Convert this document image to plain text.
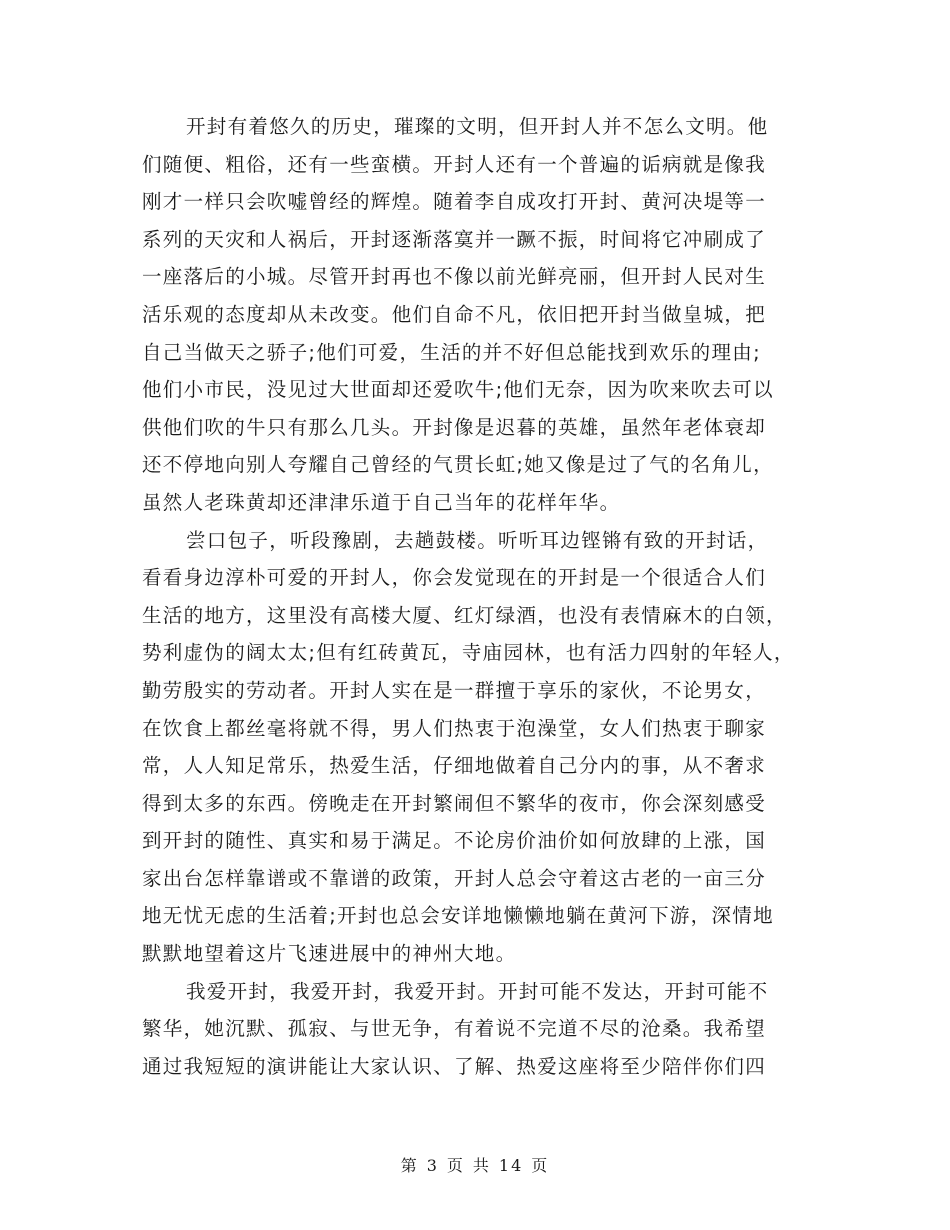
开封有着悠久的历史，璀璨的文明，但开封人并不怎么文明。他
们随便、粗俗，还有一些蛮横。开封人还有一个普遍的诟病就是像我
刚才一样只会吹嘘曾经的辉煌。随着李自成攻打开封、黄河决堤等一
系列的天灾和人祸后，开封逐渐落寞并一蹶不振，时间将它冲刷成了
一座落后的小城。尽管开封再也不像以前光鲜亮丽，但开封人民对生
活乐观的态度却从未改变。他们自命不凡，依旧把开封当做皇城，把
自己当做天之骄子;他们可爱，生活的并不好但总能找到欢乐的理由;
他们小市民，没见过大世面却还爱吹牛;他们无奈，因为吹来吹去可以
供他们吹的牛只有那么几头。开封像是迟暮的英雄，虽然年老体衰却
还不停地向别人夸耀自己曾经的气贯长虹;她又像是过了气的名角儿，
虽然人老珠黄却还津津乐道于自己当年的花样年华。
尝口包子，听段豫剧，去趟鼓楼。听听耳边铿锵有致的开封话，
看看身边淳朴可爱的开封人，你会发觉现在的开封是一个很适合人们
生活的地方，这里没有高楼大厦、红灯绿酒，也没有表情麻木的白领，
势利虚伪的阔太太;但有红砖黄瓦，寺庙园林，也有活力四射的年轻人，
勤劳殷实的劳动者。开封人实在是一群擅于享乐的家伙，不论男女，
在饮食上都丝毫将就不得，男人们热衷于泡澡堂，女人们热衷于聊家
常，人人知足常乐，热爱生活，仔细地做着自己分内的事，从不奢求
得到太多的东西。傍晚走在开封繁闹但不繁华的夜市，你会深刻感受
到开封的随性、真实和易于满足。不论房价油价如何放肆的上涨，国
家出台怎样靠谱或不靠谱的政策，开封人总会守着这古老的一亩三分
地无忧无虑的生活着;开封也总会安详地懒懒地躺在黄河下游，深情地
默默地望着这片飞速进展中的神州大地。
我爱开封，我爱开封，我爱开封。开封可能不发达，开封可能不
繁华，她沉默、孤寂、与世无争，有着说不完道不尽的沧桑。我希望
通过我短短的演讲能让大家认识、了解、热爱这座将至少陪伴你们四
第 3 页 共 14 页
